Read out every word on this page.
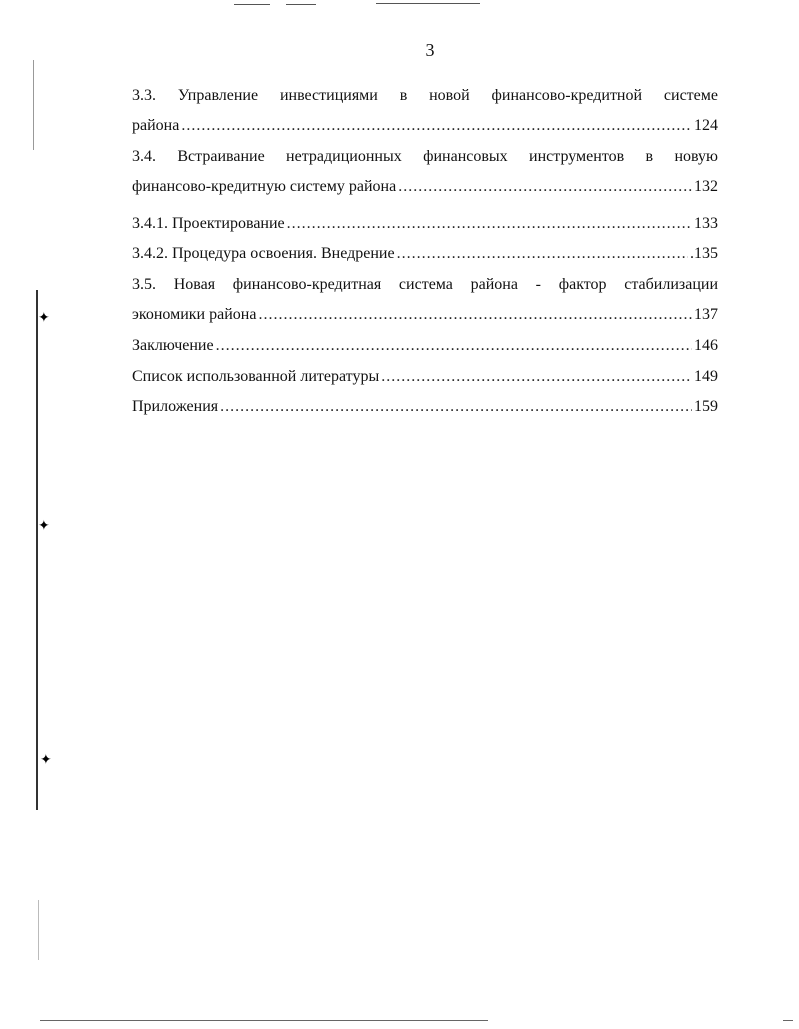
✦
✦
✦
3
3.3. Управление инвестициями в новой финансово-кредитной системе
района .....	124
3.4. Встраивание нетрадиционных финансовых инструментов в новую
финансово-кредитную систему района .....	132
3.4.1. Проектирование .....	133
3.4.2. Процедура освоения. Внедрение .....	.135
3.5. Новая финансово-кредитная система района - фактор стабилизации
экономики района .....	137
Заключение .....	146
Список использованной литературы .....	149
Приложения .....	159
